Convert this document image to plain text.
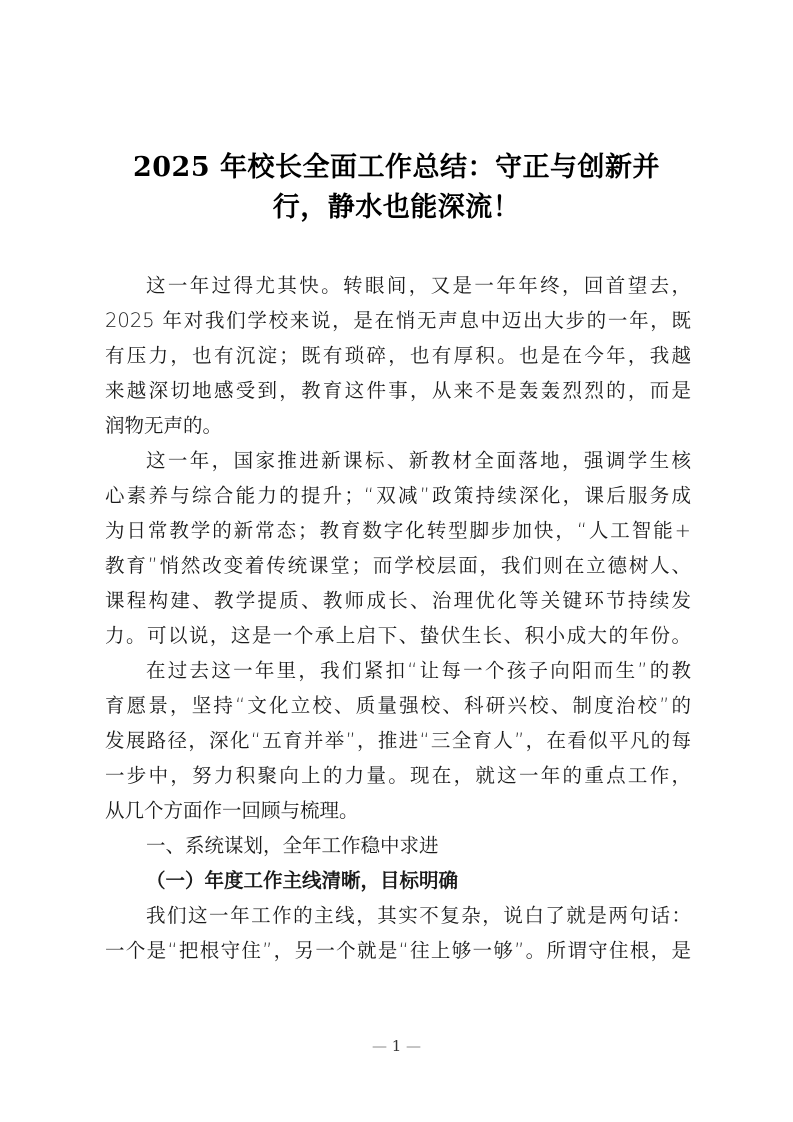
2025 年校长全面工作总结：守正与创新并
行，静水也能深流！
这一年过得尤其快。转眼间，又是一年年终，回首望去，
2025 年对我们学校来说，是在悄无声息中迈出大步的一年，既
有压力，也有沉淀；既有琐碎，也有厚积。也是在今年，我越
来越深切地感受到，教育这件事，从来不是轰轰烈烈的，而是
润物无声的。
这一年，国家推进新课标、新教材全面落地，强调学生核
心素养与综合能力的提升；“双减”政策持续深化，课后服务成
为日常教学的新常态；教育数字化转型脚步加快，“人工智能+
教育”悄然改变着传统课堂；而学校层面，我们则在立德树人、
课程构建、教学提质、教师成长、治理优化等关键环节持续发
力。可以说，这是一个承上启下、蛰伏生长、积小成大的年份。
在过去这一年里，我们紧扣“让每一个孩子向阳而生”的教
育愿景，坚持“文化立校、质量强校、科研兴校、制度治校”的
发展路径，深化“五育并举”，推进“三全育人”，在看似平凡的每
一步中，努力积聚向上的力量。现在，就这一年的重点工作，
从几个方面作一回顾与梳理。
一、系统谋划，全年工作稳中求进
（一）年度工作主线清晰，目标明确
我们这一年工作的主线，其实不复杂，说白了就是两句话：
一个是“把根守住”，另一个就是“往上够一够”。所谓守住根，是
— 1 —
